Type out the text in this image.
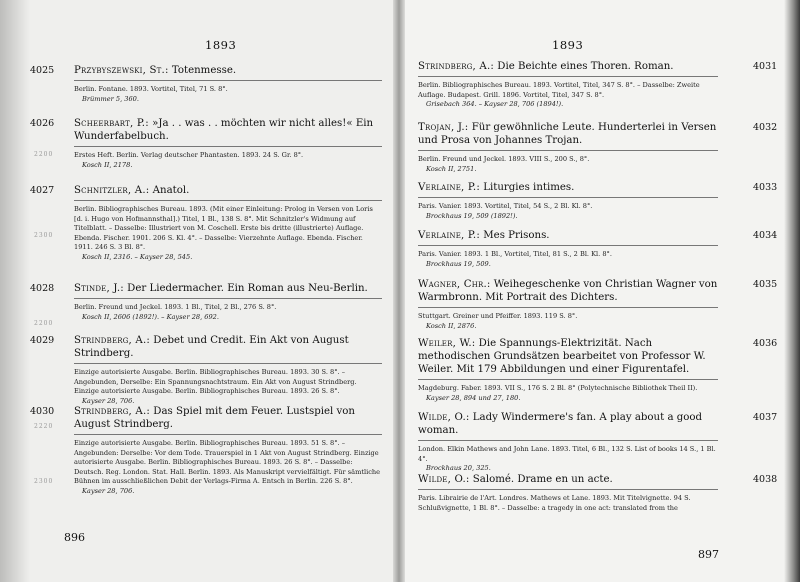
1893
4025 Przybyszewski, St.: Totenmesse.
Berlin. Fontane. 1893. Vortitel, Titel, 71 S. 8°.
Brümmer 5, 360.
4026 Scheerbart, P.: »Ja . . was . . möchten wir nicht alles!« Ein Wunderfabelbuch.
Erstes Heft. Berlin. Verlag deutscher Phantasten. 1893. 24 S. Gr. 8°.
Kosch II, 2178.
4027 Schnitzler, A.: Anatol.
Berlin. Bibliographisches Bureau. 1893. (Mit einer Einleitung: Prolog in Versen von Loris [d. i. Hugo von Hofmannsthal].) Titel, 1 Bl., 138 S. 8°. Mit Schnitzler's Widmung auf Titelblatt. – Dasselbe: Illustriert von M. Coschell. Erste bis dritte (illustrierte) Auflage. Ebenda. Fischer. 1901. 206 S. Kl. 4°. – Dasselbe: Vierzehnte Auflage. Ebenda. Fischer. 1911. 246 S. 3 Bl. 8°.
Kosch II, 2316. – Kayser 28, 545.
4028 Stinde, J.: Der Liedermacher. Ein Roman aus Neu-Berlin.
Berlin. Freund und Jeckel. 1893. 1 Bl., Titel, 2 Bl., 276 S. 8°.
Kosch II, 2606 (1892!). – Kayser 28, 692.
4029 Strindberg, A.: Debet und Credit. Ein Akt von August Strindberg.
Einzige autorisierte Ausgabe. Berlin. Bibliographisches Bureau. 1893. 30 S. 8°. – Angebunden, Derselbe: Ein Spannungsnachtstraum. Ein Akt von August Strindberg. Einzige autorisierte Ausgabe. Berlin. Bibliographisches Bureau. 1893. 26 S. 8°.
Kayser 28, 706.
4030 Strindberg, A.: Das Spiel mit dem Feuer. Lustspiel von August Strindberg.
Einzige autorisierte Ausgabe. Berlin. Bibliographisches Bureau. 1893. 51 S. 8°. – Angebunden: Derselbe: Vor dem Tode. Trauerspiel in 1 Akt von August Strindberg. Einzige autorisierte Ausgabe. Berlin. Bibliographisches Bureau. 1893. 26 S. 8°. – Dasselbe: Deutsch. Reg. London. Stat. Hall. Berlin. 1893. Als Manuskript vervielfältigt. Für sämtliche Bühnen im ausschließlichen Debit der Verlags-Firma A. Entsch in Berlin. 226 S. 8°.
Kayser 28, 706.
2200
2300
2200
2220
2300
896
1893
4031
Strindberg, A.: Die Beichte eines Thoren. Roman.
Berlin. Bibliographisches Bureau. 1893. Vortitel, Titel, 347 S. 8°. – Dasselbe: Zweite Auflage. Budapest. Grill. 1896. Vortitel, Titel, 347 S. 8°.
Grisebach 364. – Kayser 28, 706 (1894!).
4032
Trojan, J.: Für gewöhnliche Leute. Hunderterlei in Versen und Prosa von Johannes Trojan.
Berlin. Freund und Jeckel. 1893. VIII S., 200 S., 8°.
Kosch II, 2751.
4033
Verlaine, P.: Liturgies intimes.
Paris. Vanier. 1893. Vortitel, Titel, 54 S., 2 Bl. Kl. 8°.
Brockhaus 19, 509 (1892!).
4034
Verlaine, P.: Mes Prisons.
Paris. Vanier. 1893. 1 Bl., Vortitel, Titel, 81 S., 2 Bl. Kl. 8°.
Brockhaus 19, 509.
4035
Wagner, Chr.: Weihegeschenke von Christian Wagner von Warmbronn. Mit Portrait des Dichters.
Stuttgart. Greiner und Pfeiffer. 1893. 119 S. 8°.
Kosch II, 2876.
4036
Weiler, W.: Die Spannungs-Elektrizität. Nach methodischen Grundsätzen bearbeitet von Professor W. Weiler. Mit 179 Abbildungen und einer Figurentafel.
Magdeburg. Faber. 1893. VII S., 176 S. 2 Bl. 8° (Polytechnische Bibliothek Theil II).
Kayser 28, 894 und 27, 180.
4037
Wilde, O.: Lady Windermere's fan. A play about a good woman.
London. Elkin Mathews and John Lane. 1893. Titel, 6 Bl., 132 S. List of books 14 S., 1 Bl. 4°.
Brockhaus 20, 325.
4038
Wilde, O.: Salomé. Drame en un acte.
Paris. Librairie de l'Art. Londres. Mathews et Lane. 1893. Mit Titelvignette. 94 S. Schlußvignette, 1 Bl. 8°. – Dasselbe: a tragedy in one act: translated from the
897
